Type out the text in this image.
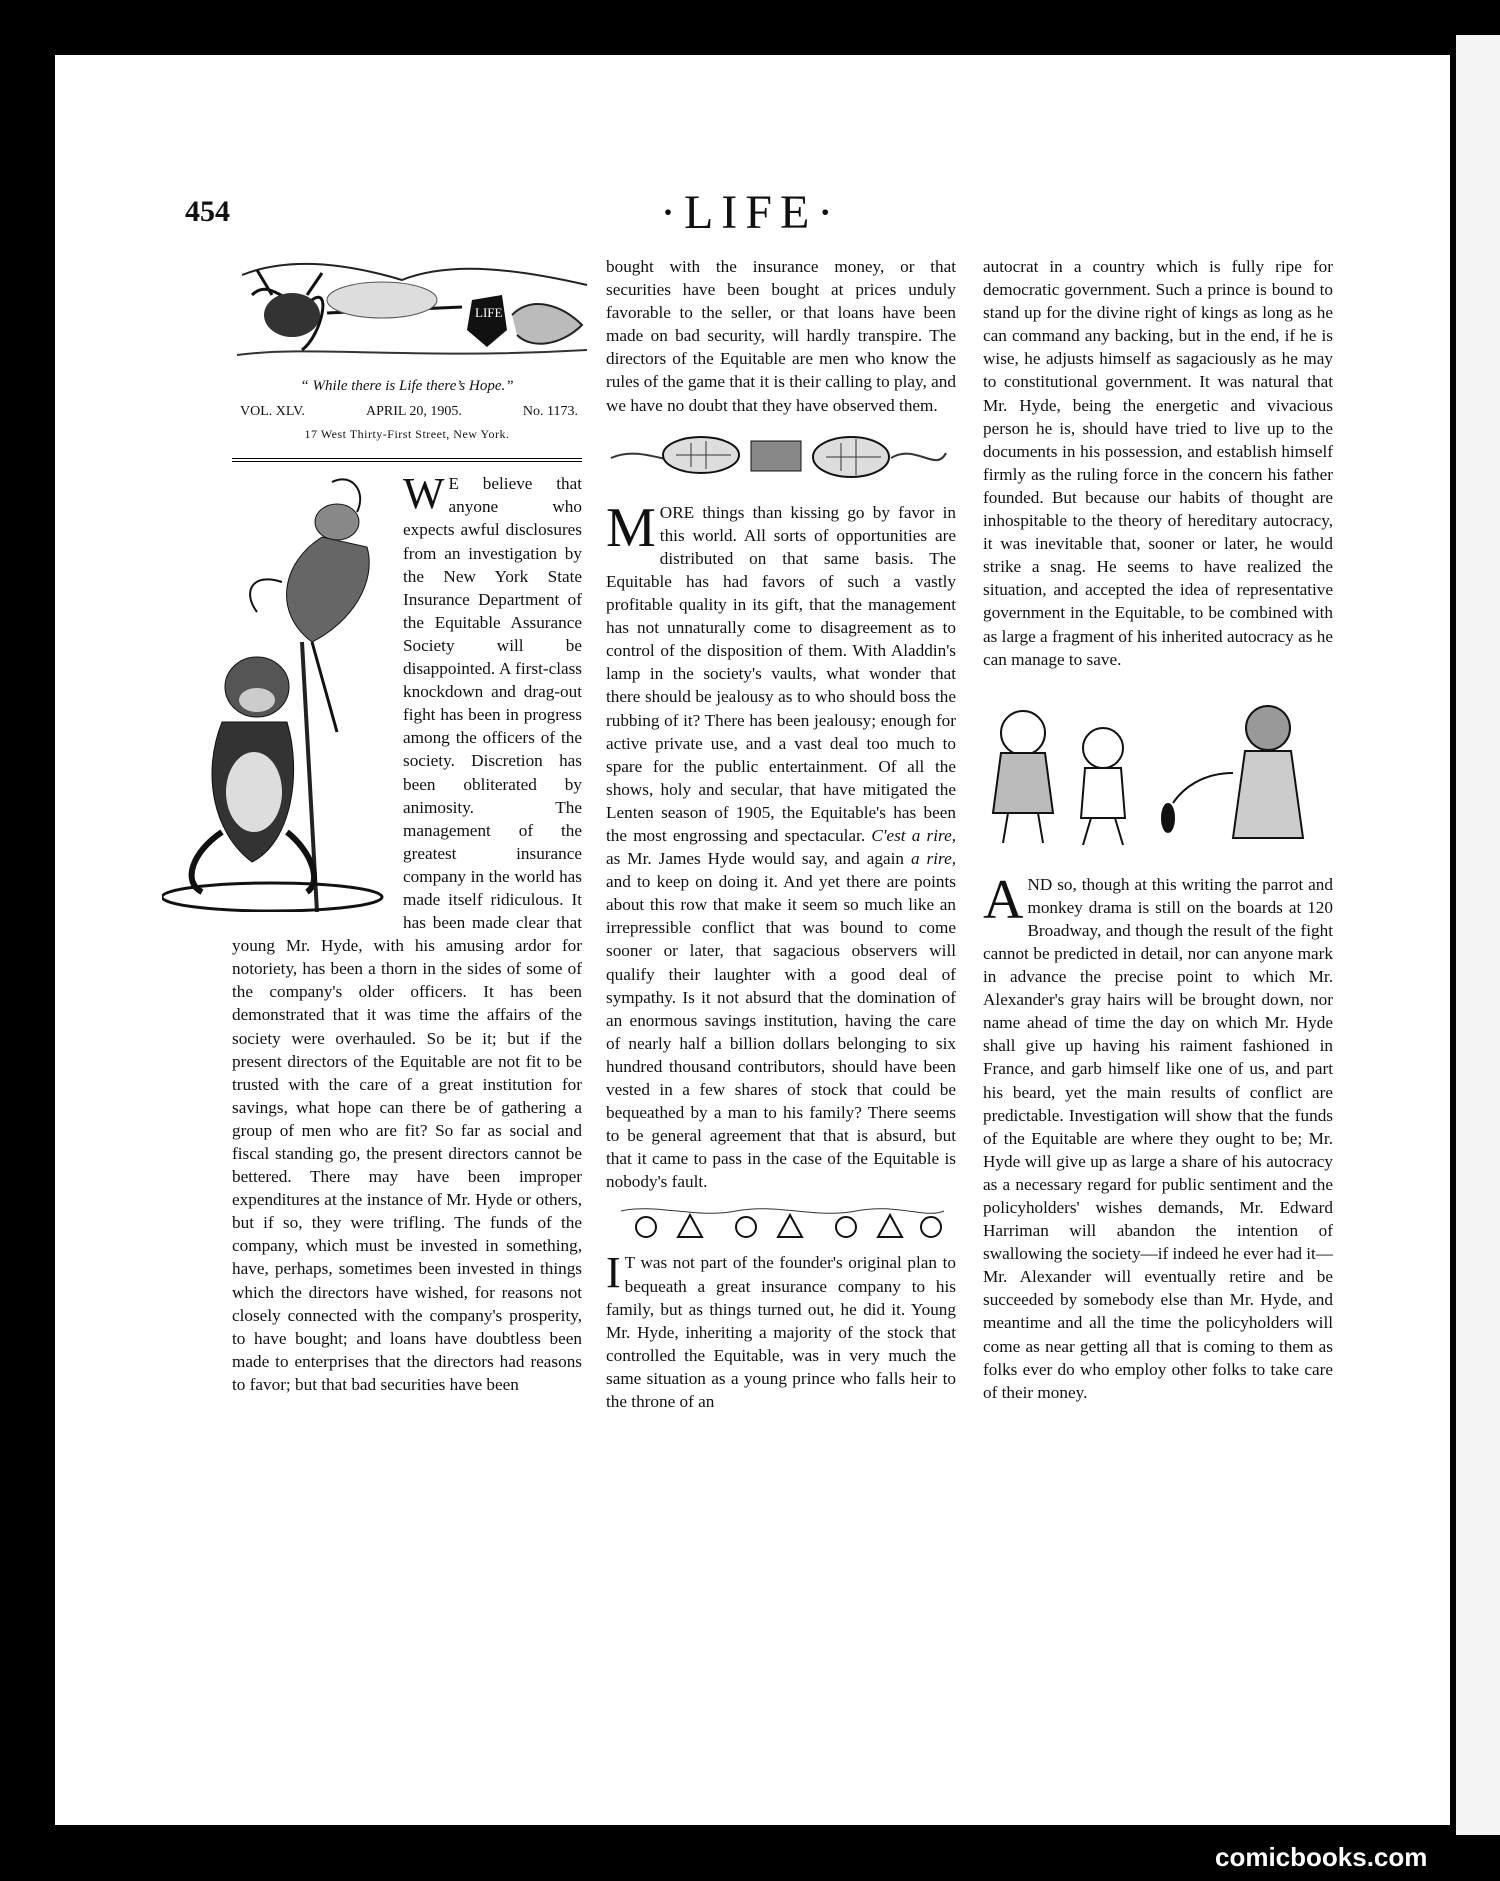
454	·LIFE·
LIFE
“ While there is Life there’s Hope.”
VOL. XLV.	APRIL 20, 1905.	No. 1173.
17 West Thirty-First Street, New York.

W E believe that anyone who expects awful disclosures from an investigation by the New York State Insurance Department of the Equitable Assurance Society will be disappointed. A first-class knockdown and drag-out fight has been in progress among the officers of the society. Discretion has been obliterated by animosity. The management of the greatest insurance company in the world has made itself ridiculous. It has been made clear that young Mr. Hyde, with his amusing ardor for notoriety, has been a thorn in the sides of some of the company's older officers. It has been demonstrated that it was time the affairs of the society were overhauled. So be it; but if the present directors of the Equitable are not fit to be trusted with the care of a great institution for savings, what hope can there be of gathering a group of men who are fit? So far as social and fiscal standing go, the present directors cannot be bettered. There may have been improper expenditures at the instance of Mr. Hyde or others, but if so, they were trifling. The funds of the company, which must be invested in something, have, perhaps, sometimes been invested in things which the directors have wished, for reasons not closely connected with the company's prosperity, to have bought; and loans have doubtless been made to enterprises that the directors had reasons to favor; but that bad securities have been

bought with the insurance money, or that securities have been bought at prices unduly favorable to the seller, or that loans have been made on bad security, will hardly transpire. The directors of the Equitable are men who know the rules of the game that it is their calling to play, and we have no doubt that they have observed them.

MORE things than kissing go by favor in this world. All sorts of opportunities are distributed on that same basis. The Equitable has had favors of such a vastly profitable quality in its gift, that the management has not unnaturally come to disagreement as to control of the disposition of them. With Aladdin's lamp in the society's vaults, what wonder that there should be jealousy as to who should boss the rubbing of it? There has been jealousy; enough for active private use, and a vast deal too much to spare for the public entertainment. Of all the shows, holy and secular, that have mitigated the Lenten season of 1905, the Equitable's has been the most engrossing and spectacular. C'est a rire, as Mr. James Hyde would say, and again a rire, and to keep on doing it. And yet there are points about this row that make it seem so much like an irrepressible conflict that was bound to come sooner or later, that sagacious observers will qualify their laughter with a good deal of sympathy. Is it not absurd that the domination of an enormous savings institution, having the care of nearly half a billion dollars belonging to six hundred thousand contributors, should have been vested in a few shares of stock that could be bequeathed by a man to his family? There seems to be general agreement that that is absurd, but that it came to pass in the case of the Equitable is nobody's fault.

I T was not part of the founder's original plan to bequeath a great insurance company to his family, but as things turned out, he did it. Young Mr. Hyde, inheriting a majority of the stock that controlled the Equitable, was in very much the same situation as a young prince who falls heir to the throne of an

autocrat in a country which is fully ripe for democratic government. Such a prince is bound to stand up for the divine right of kings as long as he can command any backing, but in the end, if he is wise, he adjusts himself as sagaciously as he may to constitutional government. It was natural that Mr. Hyde, being the energetic and vivacious person he is, should have tried to live up to the documents in his possession, and establish himself firmly as the ruling force in the concern his father founded. But because our habits of thought are inhospitable to the theory of hereditary autocracy, it was inevitable that, sooner or later, he would strike a snag. He seems to have realized the situation, and accepted the idea of representative government in the Equitable, to be combined with as large a fragment of his inherited autocracy as he can manage to save.

AND so, though at this writing the parrot and monkey drama is still on the boards at 120 Broadway, and though the result of the fight cannot be predicted in detail, nor can anyone mark in advance the precise point to which Mr. Alexander's gray hairs will be brought down, nor name ahead of time the day on which Mr. Hyde shall give up having his raiment fashioned in France, and garb himself like one of us, and part his beard, yet the main results of conflict are predictable. Investigation will show that the funds of the Equitable are where they ought to be; Mr. Hyde will give up as large a share of his autocracy as a necessary regard for public sentiment and the policyholders' wishes demands, Mr. Edward Harriman will abandon the intention of swallowing the society—if indeed he ever had it—Mr. Alexander will eventually retire and be succeeded by somebody else than Mr. Hyde, and meantime and all the time the policyholders will come as near getting all that is coming to them as folks ever do who employ other folks to take care of their money.

comicbooks.com
